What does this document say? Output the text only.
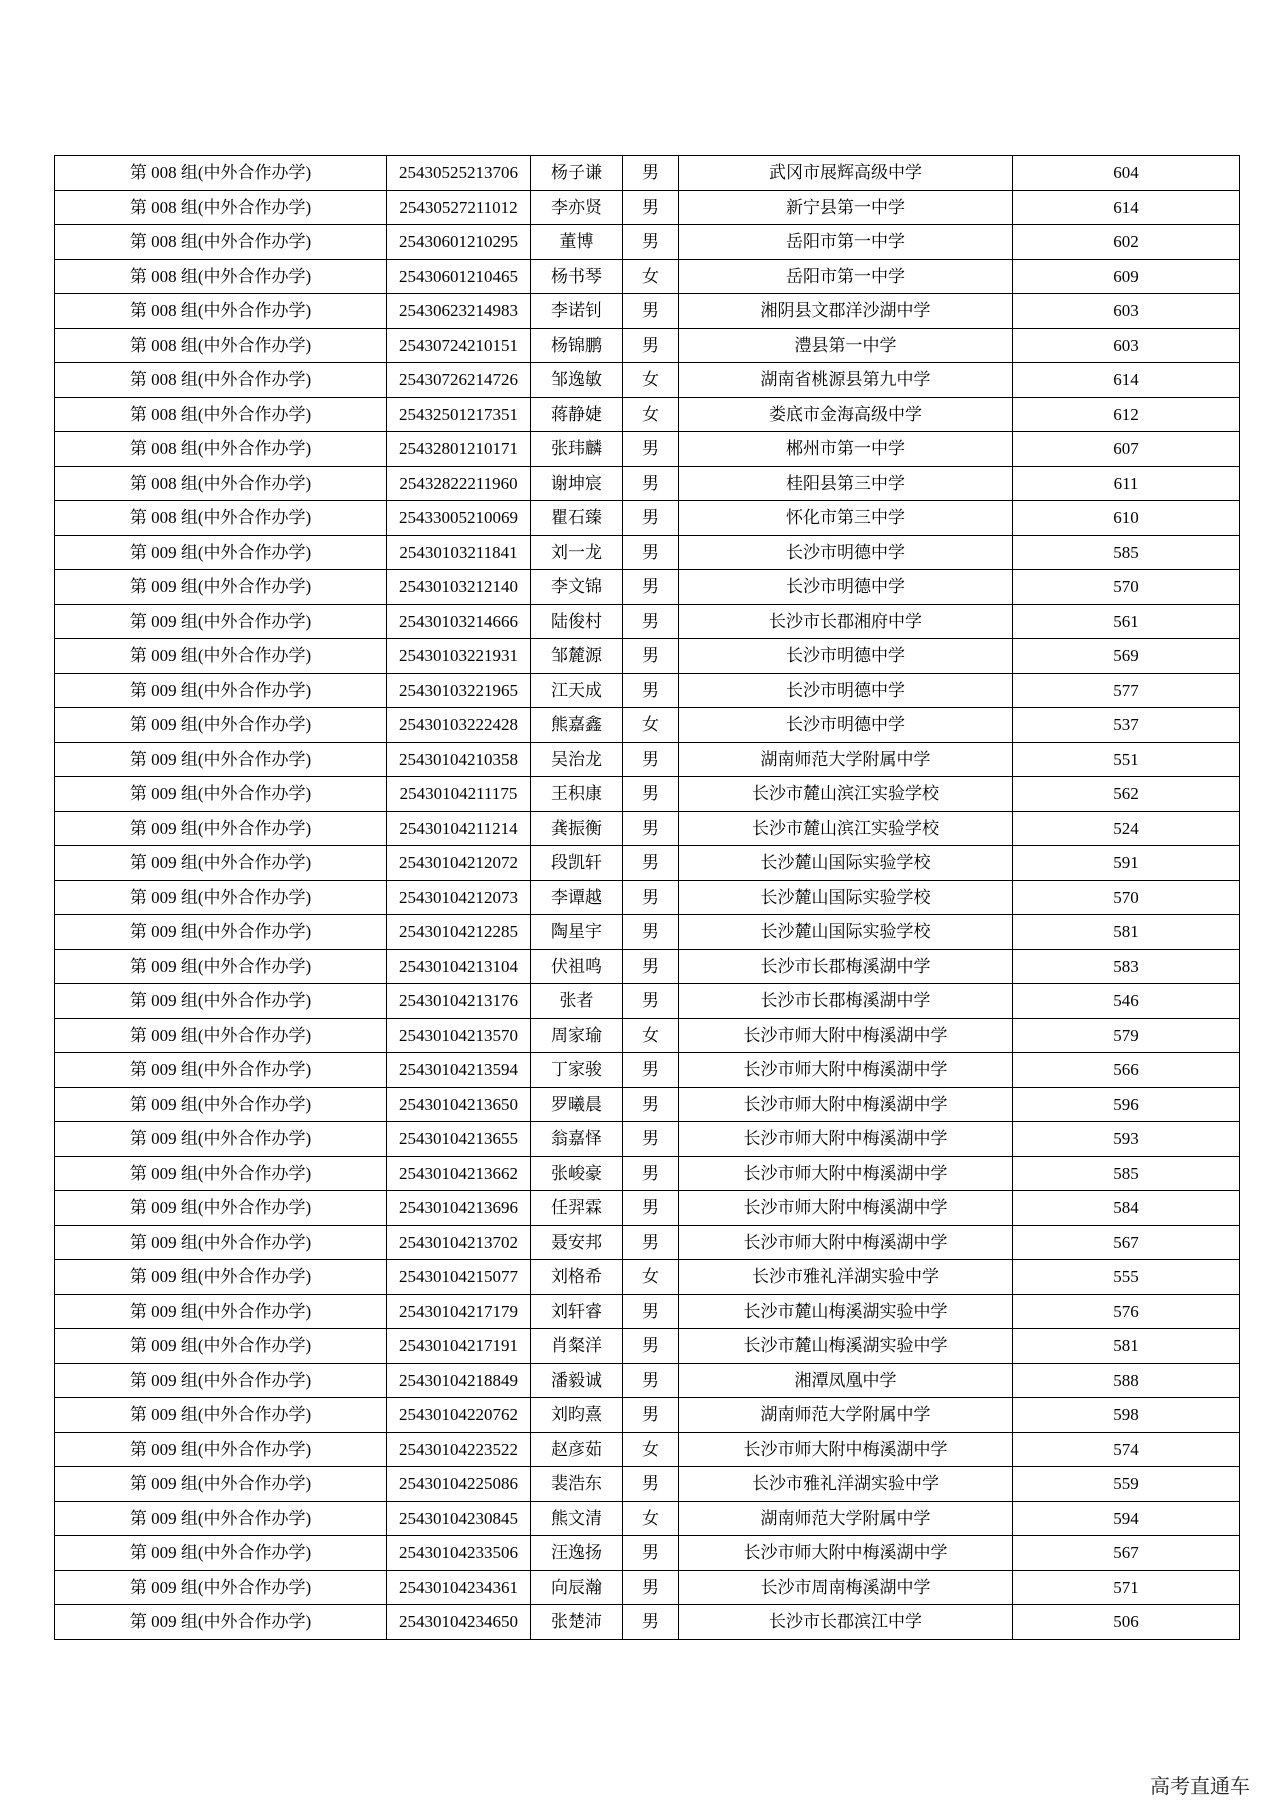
第 008 组(中外合作办学)	25430525213706	杨子谦	男	武冈市展辉高级中学	604
第 008 组(中外合作办学)	25430527211012	李亦贤	男	新宁县第一中学	614
第 008 组(中外合作办学)	25430601210295	董博	男	岳阳市第一中学	602
第 008 组(中外合作办学)	25430601210465	杨书琴	女	岳阳市第一中学	609
第 008 组(中外合作办学)	25430623214983	李诺钊	男	湘阴县文郡洋沙湖中学	603
第 008 组(中外合作办学)	25430724210151	杨锦鹏	男	澧县第一中学	603
第 008 组(中外合作办学)	25430726214726	邹逸敏	女	湖南省桃源县第九中学	614
第 008 组(中外合作办学)	25432501217351	蒋静婕	女	娄底市金海高级中学	612
第 008 组(中外合作办学)	25432801210171	张玮麟	男	郴州市第一中学	607
第 008 组(中外合作办学)	25432822211960	谢坤宸	男	桂阳县第三中学	611
第 008 组(中外合作办学)	25433005210069	瞿石臻	男	怀化市第三中学	610
第 009 组(中外合作办学)	25430103211841	刘一龙	男	长沙市明德中学	585
第 009 组(中外合作办学)	25430103212140	李文锦	男	长沙市明德中学	570
第 009 组(中外合作办学)	25430103214666	陆俊村	男	长沙市长郡湘府中学	561
第 009 组(中外合作办学)	25430103221931	邹麓源	男	长沙市明德中学	569
第 009 组(中外合作办学)	25430103221965	江天成	男	长沙市明德中学	577
第 009 组(中外合作办学)	25430103222428	熊嘉鑫	女	长沙市明德中学	537
第 009 组(中外合作办学)	25430104210358	吴治龙	男	湖南师范大学附属中学	551
第 009 组(中外合作办学)	25430104211175	王积康	男	长沙市麓山滨江实验学校	562
第 009 组(中外合作办学)	25430104211214	龚振衡	男	长沙市麓山滨江实验学校	524
第 009 组(中外合作办学)	25430104212072	段凯轩	男	长沙麓山国际实验学校	591
第 009 组(中外合作办学)	25430104212073	李谭越	男	长沙麓山国际实验学校	570
第 009 组(中外合作办学)	25430104212285	陶星宇	男	长沙麓山国际实验学校	581
第 009 组(中外合作办学)	25430104213104	伏祖鸣	男	长沙市长郡梅溪湖中学	583
第 009 组(中外合作办学)	25430104213176	张者	男	长沙市长郡梅溪湖中学	546
第 009 组(中外合作办学)	25430104213570	周家瑜	女	长沙市师大附中梅溪湖中学	579
第 009 组(中外合作办学)	25430104213594	丁家骏	男	长沙市师大附中梅溪湖中学	566
第 009 组(中外合作办学)	25430104213650	罗曦晨	男	长沙市师大附中梅溪湖中学	596
第 009 组(中外合作办学)	25430104213655	翁嘉怿	男	长沙市师大附中梅溪湖中学	593
第 009 组(中外合作办学)	25430104213662	张峻豪	男	长沙市师大附中梅溪湖中学	585
第 009 组(中外合作办学)	25430104213696	任羿霖	男	长沙市师大附中梅溪湖中学	584
第 009 组(中外合作办学)	25430104213702	聂安邦	男	长沙市师大附中梅溪湖中学	567
第 009 组(中外合作办学)	25430104215077	刘格希	女	长沙市雅礼洋湖实验中学	555
第 009 组(中外合作办学)	25430104217179	刘轩睿	男	长沙市麓山梅溪湖实验中学	576
第 009 组(中外合作办学)	25430104217191	肖粲洋	男	长沙市麓山梅溪湖实验中学	581
第 009 组(中外合作办学)	25430104218849	潘毅诚	男	湘潭凤凰中学	588
第 009 组(中外合作办学)	25430104220762	刘昀熹	男	湖南师范大学附属中学	598
第 009 组(中外合作办学)	25430104223522	赵彦茹	女	长沙市师大附中梅溪湖中学	574
第 009 组(中外合作办学)	25430104225086	裴浩东	男	长沙市雅礼洋湖实验中学	559
第 009 组(中外合作办学)	25430104230845	熊文清	女	湖南师范大学附属中学	594
第 009 组(中外合作办学)	25430104233506	汪逸扬	男	长沙市师大附中梅溪湖中学	567
第 009 组(中外合作办学)	25430104234361	向辰瀚	男	长沙市周南梅溪湖中学	571
第 009 组(中外合作办学)	25430104234650	张楚沛	男	长沙市长郡滨江中学	506
高考直通车
